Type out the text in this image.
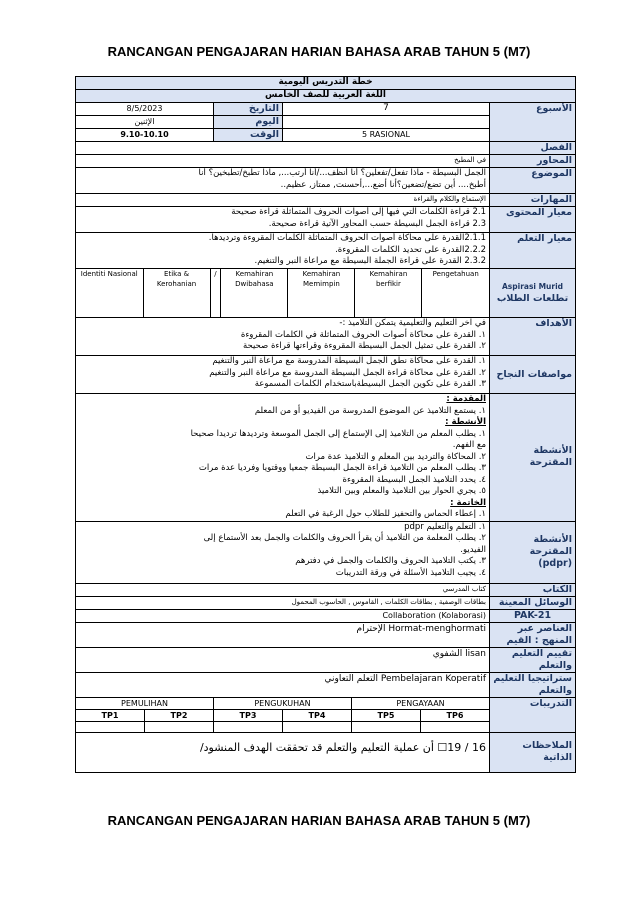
RANCANGAN PENGAJARAN HARIAN BAHASA ARAB TAHUN 5 (M7)
خطة التدريس اليومية
اللغة العربية للصف الخامس
8/5/2023	التاريخ	7	الأسبوع
الإثنين	اليوم	
9.10-10.10	الوقت	5 RASIONAL
	الفصل
في المطبخ	المحاور

الجمل البسيطة - ماذا تفعل/تفعلين؟ أنا أنظف.../أنا أرتب..., ماذا تطبخ/تطبخين؟ أنا
أطبخ.... أين تضع/تضعين؟أنا أضع...,أحسنت, ممتاز, عظيم..
	الموضوع
الإستماع والكلام والقراءة	المهارات

2.1 قراءة الكلمات التي فيها إلى أصوات الحروف المتماثلة قراءة صحيحة
2.3 قراءة الجمل البسيطة حسب المحاور الآتية قراءة صحيحة.
	معيار المحتوى

2.1.1القدرة على محاكاة أصوات الحروف المتماثلة الكلمات المقروءة وترديدها.
2.2.2القدرة على تحديد الكلمات المقروءة.
2.3.2 القدرة على قراءة الجملة البسيطة مع مراعاة النبر والتنغيم.
	معيار التعلم

Identiti Nasional	Etika & Kerohanian	/	Kemahiran Dwibahasa	Kemahiran Memimpin	Kemahiran berfikir	Pengetahuan

Aspirasi Murid
تطلعات الطلاب

في آخر التعليم والتعليمية يتمكن التلاميذ :-
١. القدرة على محاكاة أصوات الحروف المتماثلة في الكلمات المقروءة
٢. القدرة على تمثيل الجمل البسيطة المقروءة وقراءتها قراءة صحيحة
	الأهداف

١. القدرة على محاكاة نطق الجمل البسيطة المدروسة مع مراعاة النبر والتنغيم
٢. القدرة على محاكاة قراءة الجمل البسيطة المدروسة مع مراعاة النبر والتنغيم
٣. القدرة على تكوين الجمل البسيطةباستخدام الكلمات المسموعة
	مواصفات النجاح

المقدمة :
١. يستمع التلاميذ عن الموضوع المدروسة من الفيديو أو من المعلم
الأنشطة :
١. يطلب المعلم من التلاميذ إلى الإستماع إلى الجمل الموسعة وترديدها ترديدا صحيحا
مع الفهم.
٢. المحاكاة والترديد بين المعلم و التلاميذ عدة مرات
٣. يطلب المعلم من التلاميذ قراءة الجمل البسيطة جمعيا ووقتويا وفرديا عدة مرات
٤. يحدد التلاميذ الجمل البسيطة المقروءة
٥. يجري الحوار بين التلاميذ والمعلم وبين التلاميذ
الخاتمة :
١. إعطاء الحماس والتحفيز للطلاب حول الرغبة في التعلم
	الأنشطة المقترحة

١. التعلم والتعليم pdpr
٢. يطلب المعلمة من التلاميذ أن يقرأ الحروف والكلمات والجمل بعد الأستماع إلى
الفيديو.
٣. يكتب التلاميذ الحروف والكلمات والجمل في دفترهم
٤. يجيب التلاميذ الأسئلة في ورقة التدريبات
	الأنشطة المقترحة (pdpr)
كتاب المدرسي	الكتاب
بطاقات الوصفية , بطاقات الكلمات , القاموس , الحاسوب المحمول	الوسائل المعينة
Collaboration (Kolaborasi)	PAK-21
Hormat-menghormati الإحترام	العناصر عبر المنهج : القيم
lisan الشفوي	تقييم التعليم والتعلم
Pembelajaran Koperatif التعلم التعاوني	ستراتيجيا التعليم والتعلم
PEMULIHAN	PENGUKUHAN	PENGAYAAN	التدريبات
TP1	TP2	TP3	TP4	TP5	TP6

16 / 19☐ أن عملية التعليم والتعلم قد تحققت الهدف المنشود/	الملاحظات الذاتية
RANCANGAN PENGAJARAN HARIAN BAHASA ARAB TAHUN 5 (M7)
